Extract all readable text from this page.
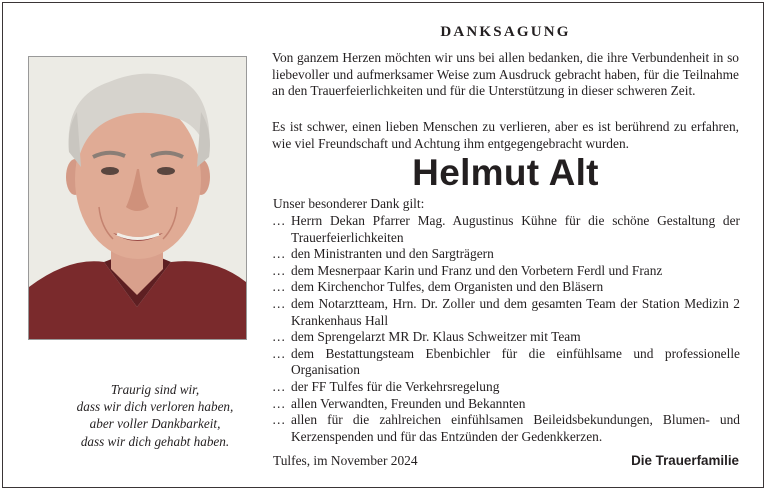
Traurig sind wir,
dass wir dich verloren haben,
aber voller Dankbarkeit,
dass wir dich gehabt haben.
DANKSAGUNG
Von ganzem Herzen möchten wir uns bei allen bedanken, die ihre Verbundenheit in so liebevoller und aufmerksamer Weise zum Ausdruck gebracht haben, für die Teilnahme an den Trauerfeierlichkeiten und für die Unterstützung in dieser schweren Zeit.
Es ist schwer, einen lieben Menschen zu verlieren, aber es ist berührend zu erfahren, wie viel Freundschaft und Achtung ihm entgegengebracht wurden.
Helmut Alt
Unser besonderer Dank gilt:
… Herrn Dekan Pfarrer Mag. Augustinus Kühne für die schöne Gestaltung der Trauerfeierlichkeiten
… den Ministranten und den Sargträgern
… dem Mesnerpaar Karin und Franz und den Vorbetern Ferdl und Franz
… dem Kirchenchor Tulfes, dem Organisten und den Bläsern
… dem Notarztteam, Hrn. Dr. Zoller und dem gesamten Team der Station Medizin 2 Krankenhaus Hall
… dem Sprengelarzt MR Dr. Klaus Schweitzer mit Team
… dem Bestattungsteam Ebenbichler für die einfühlsame und professionelle Organisation
… der FF Tulfes für die Verkehrsregelung
… allen Verwandten, Freunden und Bekannten
… allen für die zahlreichen einfühlsamen Beileidsbekundungen, Blumen- und Kerzenspenden und für das Entzünden der Gedenkkerzen.
Tulfes, im November 2024	Die Trauerfamilie
